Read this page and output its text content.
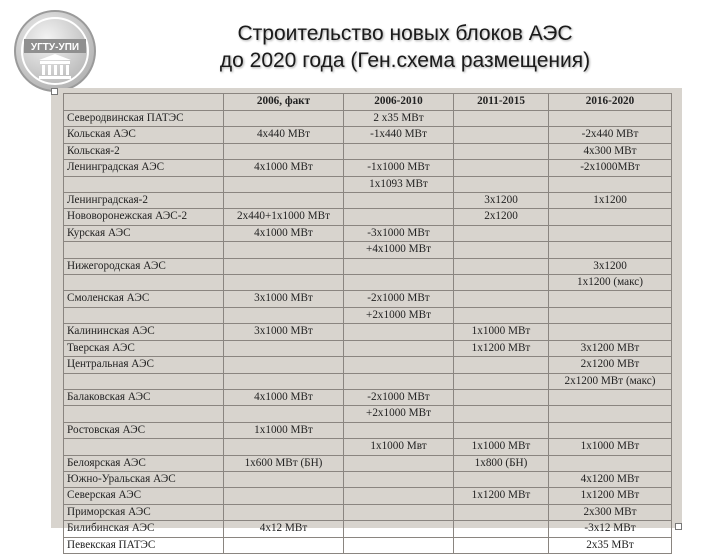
УГТУ-УПИ
Строительство новых блоков АЭС
до 2020 года (Ген.схема размещения)
	2006, факт	2006-2010	2011-2015	2016-2020
Северодвинская ПАТЭС		2 x35 МВт		
Кольская АЭС	4x440 МВт	-1x440 МВт		-2x440 МВт
Кольская-2				4x300 МВт
Ленинградская АЭС	4x1000 МВт	-1x1000 МВт		-2x1000МВт
		1x1093 МВт		
Ленинградская-2			3x1200	1x1200
Нововоронежская АЭС-2	2x440+1x1000 МВт		2x1200	
Курская АЭС	4x1000 МВт	-3x1000 МВт		
		+4x1000 МВт		
Нижегородская АЭС				3x1200
				1x1200 (макс)
Смоленская АЭС	3x1000 МВт	-2x1000 МВт		
		+2x1000 МВт		
Калининская АЭС	3x1000 МВт		1x1000 МВт	
Тверская АЭС			1x1200 МВт	3x1200 МВт
Центральная АЭС				2x1200 МВт
				2x1200 МВт (макс)
Балаковская АЭС	4x1000 МВт	-2x1000 МВт		
		+2x1000 МВт		
Ростовская АЭС	1x1000 МВт			
		1x1000 Мвт	1x1000 МВт	1x1000 МВт
Белоярская АЭС	1x600 МВт (БН)		1x800 (БН)	
Южно-Уральская АЭС				4x1200 МВт
Северская АЭС			1x1200 МВт	1x1200 МВт
Приморская АЭС				2x300 МВт
Билибинская АЭС	4x12 МВт			-3x12 МВт
Певекская ПАТЭС				2x35 МВт
